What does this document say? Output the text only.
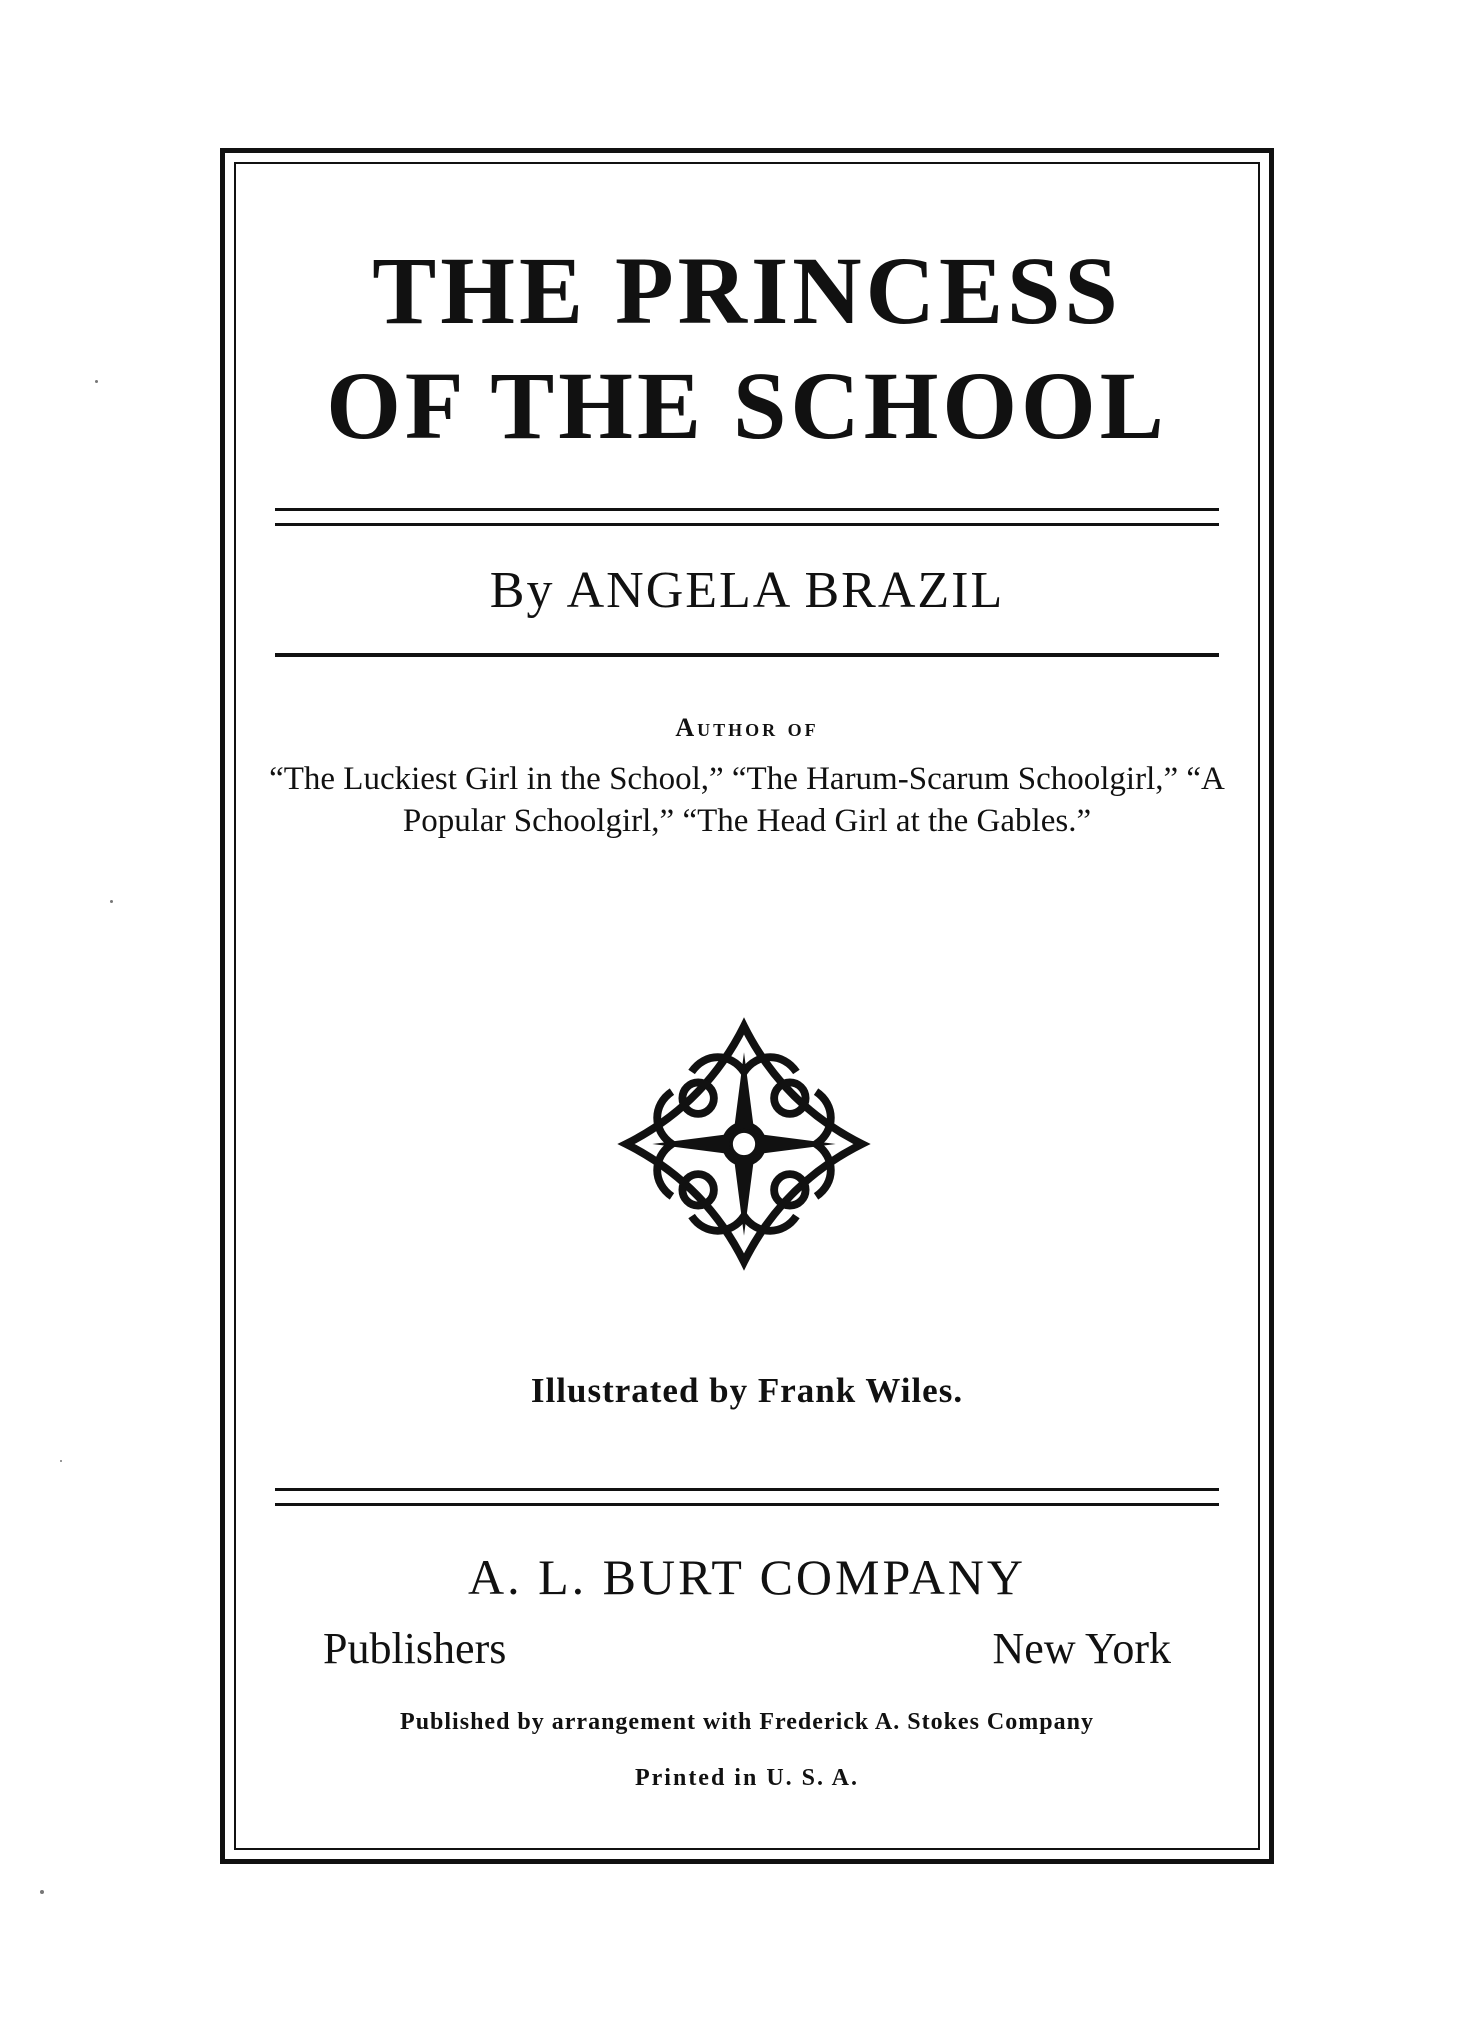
THE PRINCESS
OF THE SCHOOL
By ANGELA BRAZIL
Author of
“The Luckiest Girl in the School,” “The Harum-Scarum Schoolgirl,” “A Popular Schoolgirl,” “The Head Girl at the Gables.”
Illustrated by Frank Wiles.
A. L. BURT COMPANY
Publishers	New York
Published by arrangement with Frederick A. Stokes Company
Printed in U. S. A.
